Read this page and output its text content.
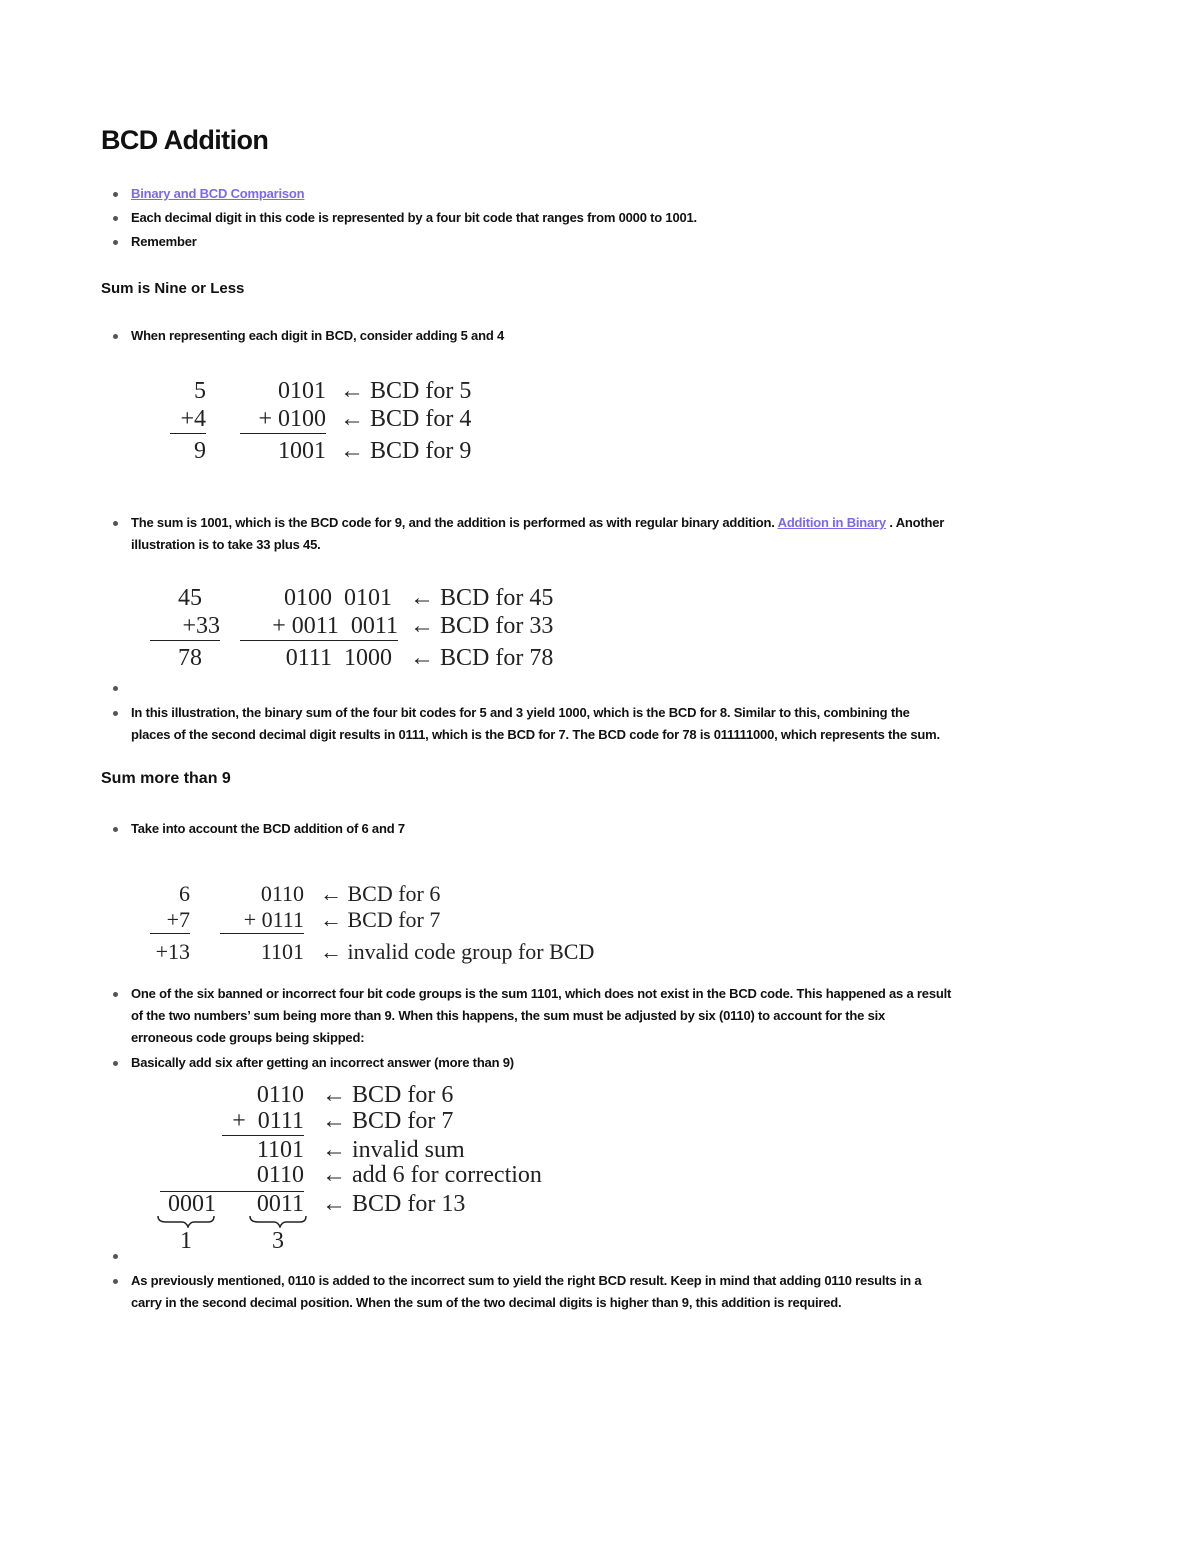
BCD Addition
Binary and BCD Comparison
Each decimal digit in this code is represented by a four bit code that ranges from 0000 to 1001.
Remember
Sum is Nine or Less
When representing each digit in BCD, consider adding 5 and 4
5
+4
9
0101
+ 0100
1001
← BCD for 5
← BCD for 4
← BCD for 9
The sum is 1001, which is the BCD code for 9, and the addition is performed as with regular binary addition. Addition in Binary . Another
illustration is to take 33 plus 45.
45
+33
78
0100  0101
+ 0011  0011
0111  1000
← BCD for 45
← BCD for 33
← BCD for 78
In this illustration, the binary sum of the four bit codes for 5 and 3 yield 1000, which is the BCD for 8. Similar to this, combining the
places of the second decimal digit results in 0111, which is the BCD for 7. The BCD code for 78 is 011111000, which represents the sum.
Sum more than 9
Take into account the BCD addition of 6 and 7
6
+7
+13
0110
+ 0111
1101
← BCD for 6
← BCD for 7
← invalid code group for BCD
One of the six banned or incorrect four bit code groups is the sum 1101, which does not exist in the BCD code. This happened as a result
of the two numbers’ sum being more than 9. When this happens, the sum must be adjusted by six (0110) to account for the six
erroneous code groups being skipped:
Basically add six after getting an incorrect answer (more than 9)
0110
+  0111
1101
0110
0001	0011
← BCD for 6
← BCD for 7
← invalid sum
← add 6 for correction
← BCD for 13
1	3
As previously mentioned, 0110 is added to the incorrect sum to yield the right BCD result. Keep in mind that adding 0110 results in a
carry in the second decimal position. When the sum of the two decimal digits is higher than 9, this addition is required.
